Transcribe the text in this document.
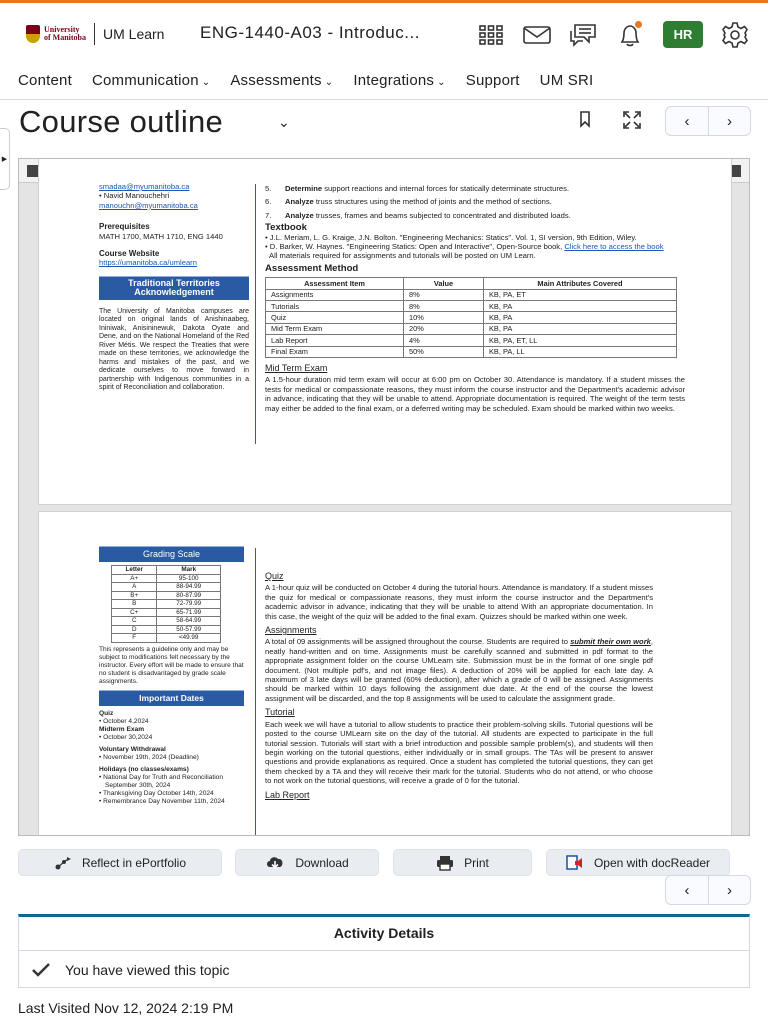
University
of Manitoba UM Learn ENG-1440-A03 - Introduc...	HR
Content Communication ⌄ Assessments ⌄ Integrations ⌄ Support UM SRI
▶
Course outline	⌄	‹	›
smadaa@myumanitoba.ca
• Navid Manouchehri
manouchn@myumanitoba.ca
Prerequisites
MATH 1700, MATH 1710, ENG 1440
Course Website
https://umanitoba.ca/umlearn
Traditional Territories
Acknowledgement
The University of Manitoba campuses are located on original lands of Anishinaabeg, Ininiwak, Anisininewuk, Dakota Oyate and Dene, and on the National Homeland of the Red River Métis. We respect the Treaties that were made on these territories, we acknowledge the harms and mistakes of the past, and we dedicate ourselves to move forward in partnership with Indigenous communities in a spirit of Reconciliation and collaboration.
5.	Determine support reactions and internal forces for statically determinate structures.
6.	Analyze truss structures using the method of joints and the method of sections.
7.	Analyze trusses, frames and beams subjected to concentrated and distributed loads.
Textbook
• J.L. Meriam, L. G. Kraige, J.N. Bolton. "Engineering Mechanics: Statics". Vol. 1, SI version, 9th Edition, Wiley.
• D. Barker, W. Haynes. "Engineering Statics: Open and Interactive", Open-Source book, Click here to access the book
All materials required for assignments and tutorials will be posted on UM Learn.
Assessment Method
Assessment Item	Value	Main Attributes Covered
Assignments	8%	KB, PA, ET
Tutorials	8%	KB, PA
Quiz	10%	KB, PA
Mid Term Exam	20%	KB, PA
Lab Report	4%	KB, PA, ET, LL
Final Exam	50%	KB, PA, LL
Mid Term Exam
A 1.5-hour duration mid term exam will occur at 6:00 pm on October 30. Attendance is mandatory. If a student misses the tests for medical or compassionate reasons, they must inform the course instructor and the Department's academic advisor in advance, indicating that they will be unable to attend. Appropriate documentation is required. The weight of the term tests may either be added to the final exam, or a deferred writing may be scheduled. Exam should be marked within two weeks.
Grading Scale
Letter	Mark
A+	95-100
A	88-94.99
B+	80-87.99
B	72-79.99
C+	65-71.99
C	58-64.99
D	50-57.99
F	<49.99
This represents a guideline only and may be subject to modifications felt necessary by the instructor. Every effort will be made to ensure that no student is disadvantaged by grade scale assignments.
Important Dates
Quiz
• October 4,2024
Midterm Exam
• October 30,2024
Voluntary Withdrawal
• November 19th, 2024 (Deadline)
Holidays (no classes/exams)
• National Day for Truth and Reconciliation September 30th, 2024
• Thanksgiving Day October 14th, 2024
• Remembrance Day November 11th, 2024
Quiz
A 1-hour quiz will be conducted on October 4 during the tutorial hours. Attendance is mandatory. If a student misses the quiz for medical or compassionate reasons, they must inform the course instructor and the Department's academic advisor in advance, indicating that they will be unable to attend With an appropriate documentation. In this case, the weight of the quiz will be added to the final exam. Quizzes should be marked within one week.
Assignments
A total of 09 assignments will be assigned throughout the course. Students are required to submit their own work, neatly hand-written and on time. Assignments must be carefully scanned and submitted in pdf format to the appropriate assignment folder on the course UMLearn site. Submission must be in the format of one single pdf document. (Not multiple pdf's, and not image files). A deduction of 20% will be applied for each late day. A maximum of 3 late days will be granted (60% deduction), after which a grade of 0 will be assigned. Assignments should be marked within 10 days following the assignment due date. At the end of the course the lowest assignment will be discarded, and the top 8 assignments will be used to calculate the assignment grade.
Tutorial
Each week we will have a tutorial to allow students to practice their problem-solving skills. Tutorial questions will be posted to the course UMLearn site on the day of the tutorial. All students are expected to participate in the full tutorial session. Tutorials will start with a brief introduction and possible sample problem(s), and students will then begin working on the tutorial questions, either individually or in small groups. The TAs will be present to answer questions and provide explanations as required. Once a student has completed the tutorial questions, they can get them checked by a TA and they will receive their mark for the tutorial. Students who do not attend, or who choose to not work on the tutorial questions, will receive a grade of 0 for the tutorial.
Lab Report
Reflect in ePortfolio	Download	Print	Open with docReader
‹	›
Activity Details
You have viewed this topic
Last Visited Nov 12, 2024 2:19 PM
